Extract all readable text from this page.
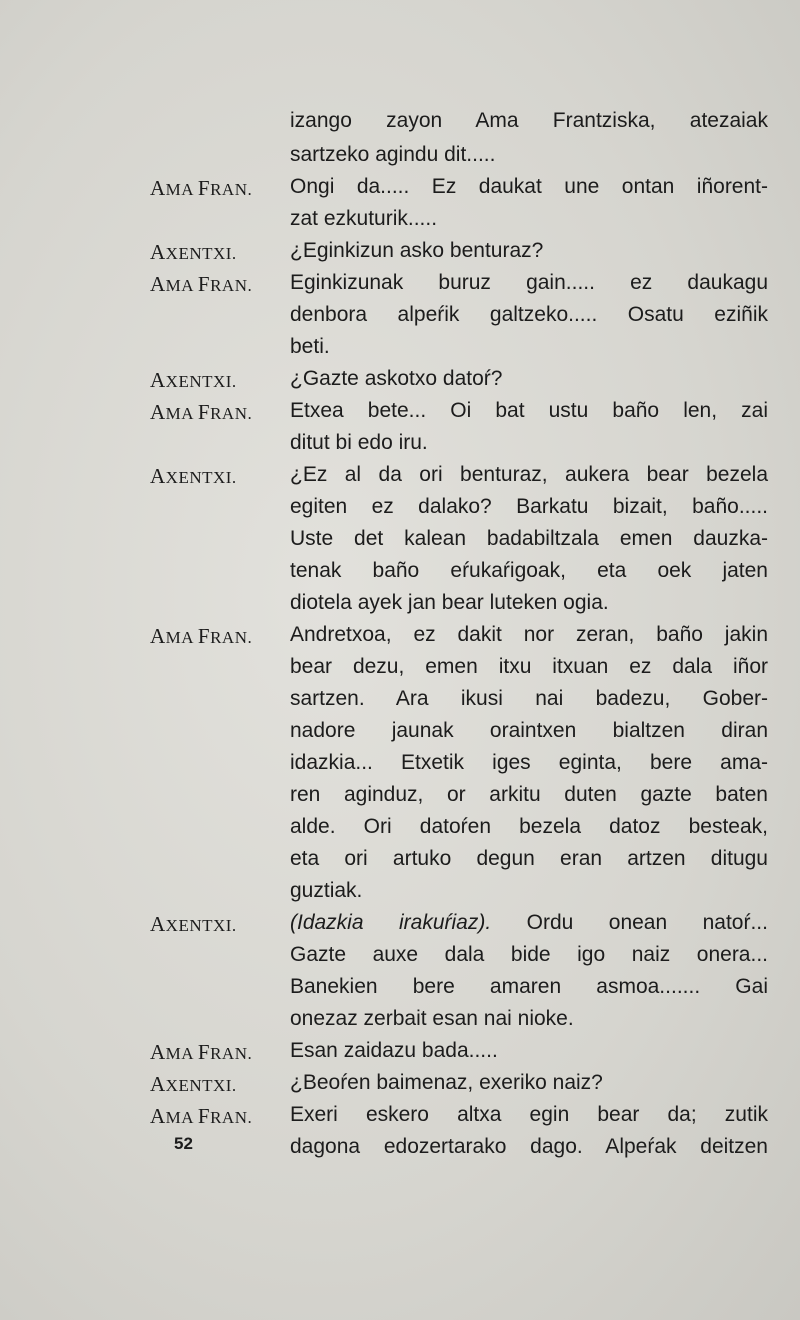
izango zayon Ama Frantziska, atezaiak
sartzeko agindu dit.....
AMA FRAN.	Ongi da..... Ez daukat une ontan iñorent-
zat ezkuturik.....
AXENTXI.	¿Eginkizun asko benturaz?
AMA FRAN.	Eginkizunak buruz gain..... ez daukagu
denbora alpeŕik galtzeko..... Osatu eziñik
beti.
AXENTXI.	¿Gazte askotxo datoŕ?
AMA FRAN.	Etxea bete... Oi bat ustu baño len, zai
ditut bi edo iru.
AXENTXI.	¿Ez al da ori benturaz, aukera bear bezela
egiten ez dalako? Barkatu bizait, baño.....
Uste det kalean badabiltzala emen dauzka-
tenak baño eŕukaŕigoak, eta oek jaten
diotela ayek jan bear luteken ogia.
AMA FRAN.	Andretxoa, ez dakit nor zeran, baño jakin
bear dezu, emen itxu itxuan ez dala iñor
sartzen. Ara ikusi nai badezu, Gober-
nadore jaunak oraintxen bialtzen diran
idazkia... Etxetik iges eginta, bere ama-
ren aginduz, or arkitu duten gazte baten
alde. Ori datoŕen bezela datoz besteak,
eta ori artuko degun eran artzen ditugu
guztiak.
AXENTXI.	(Idazkia irakuŕiaz). Ordu onean natoŕ...
Gazte auxe dala bide igo naiz onera...
Banekien bere amaren asmoa....... Gai
onezaz zerbait esan nai nioke.
AMA FRAN.	Esan zaidazu bada.....
AXENTXI.	¿Beoŕen baimenaz, exeriko naiz?
AMA FRAN.	Exeri eskero altxa egin bear da; zutik
dagona edozertarako dago. Alpeŕak deitzen
52
